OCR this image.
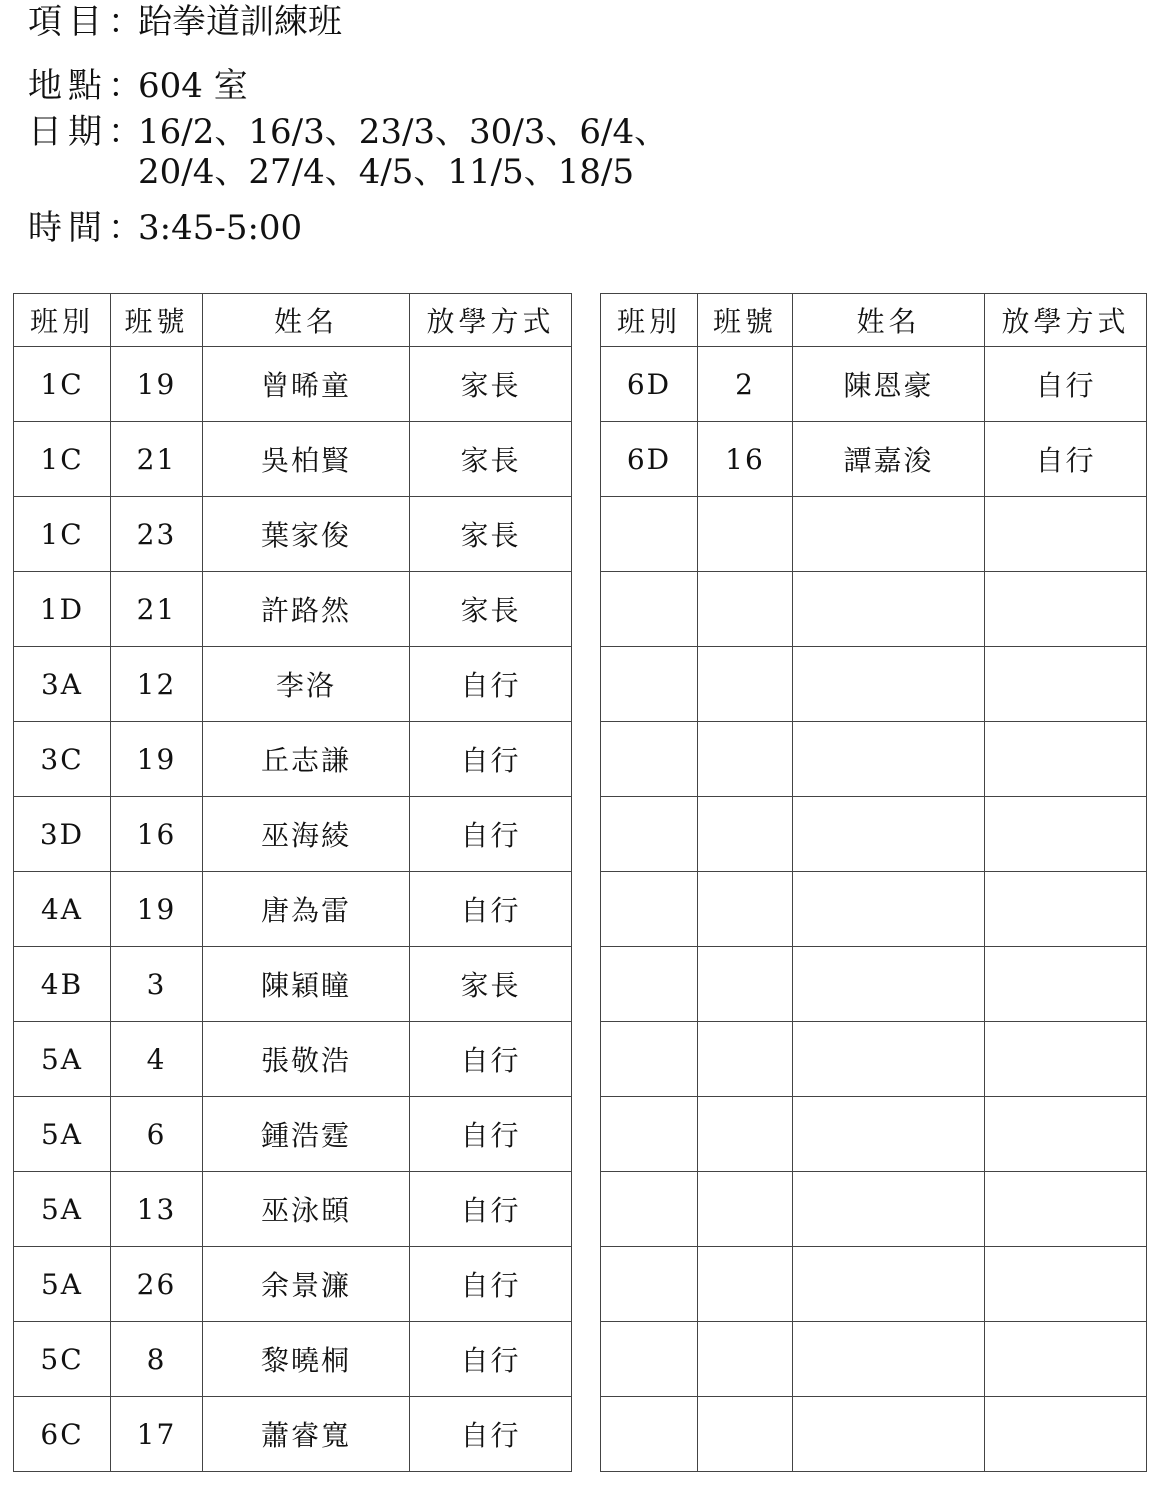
項目：跆拳道訓練班
地點：604 室
日期：
16/2、16/3、23/3、30/3、6/4、
20/4、27/4、4/5、11/5、18/5
時間：3:45-5:00
班別	班號	姓名	放學方式
1C	19	曾晞童	家長
1C	21	吳柏賢	家長
1C	23	葉家俊	家長
1D	21	許路然	家長
3A	12	李洛	自行
3C	19	丘志謙	自行
3D	16	巫海綾	自行
4A	19	唐為雷	自行
4B	3	陳穎瞳	家長
5A	4	張敬浩	自行
5A	6	鍾浩霆	自行
5A	13	巫泳頣	自行
5A	26	余景濂	自行
5C	8	黎曉桐	自行
6C	17	蕭睿寬	自行
班別	班號	姓名	放學方式
6D	2	陳恩豪	自行
6D	16	譚嘉浚	自行
